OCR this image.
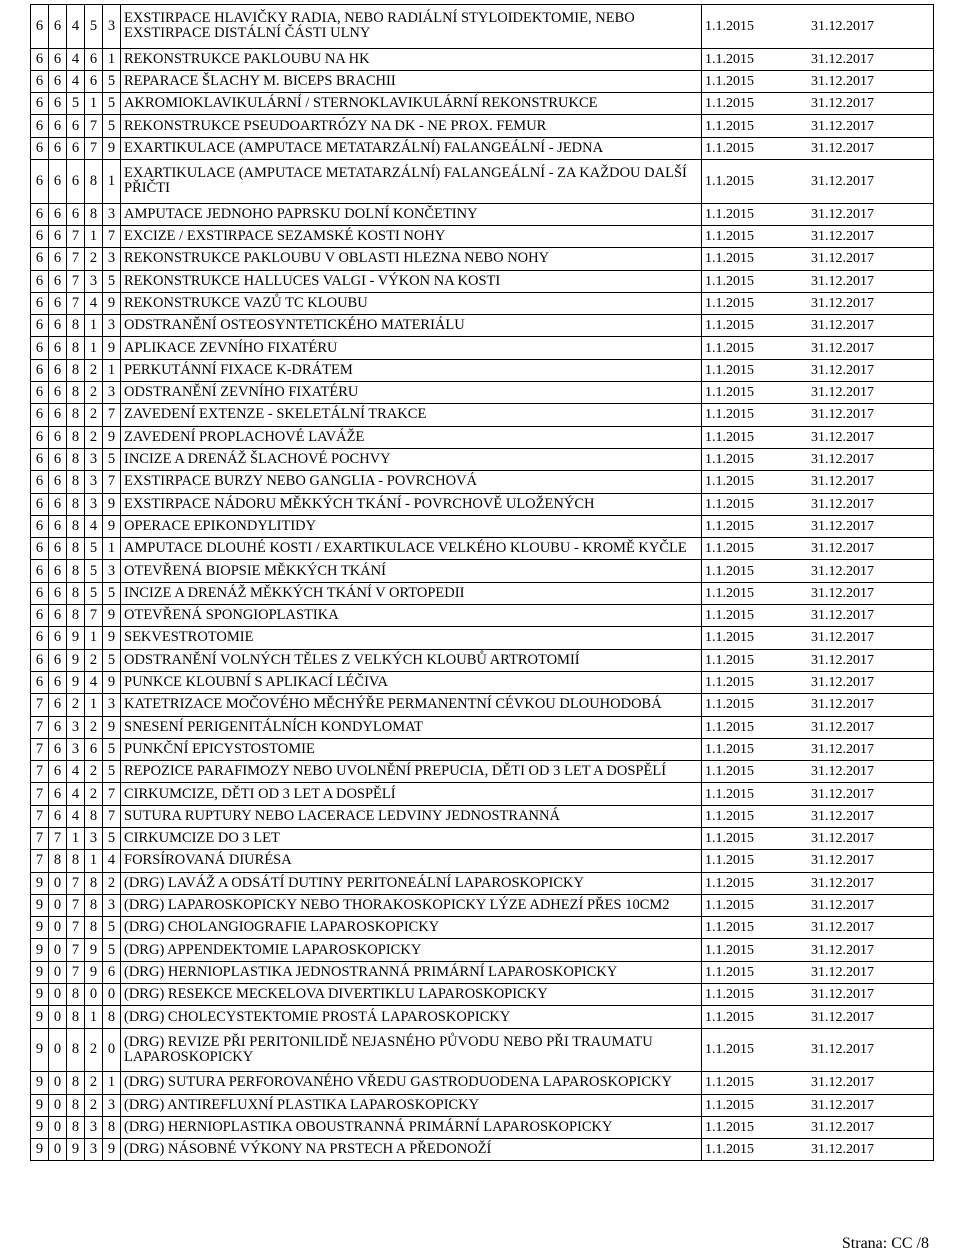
6	6	4	5	3	EXSTIRPACE HLAVIČKY RADIA, NEBO RADIÁLNÍ STYLOIDEKTOMIE, NEBO EXSTIRPACE DISTÁLNÍ ČÁSTI ULNY	1.1.2015	31.12.2017
6	6	4	6	1	REKONSTRUKCE PAKLOUBU NA HK	1.1.2015	31.12.2017
6	6	4	6	5	REPARACE ŠLACHY M. BICEPS BRACHII	1.1.2015	31.12.2017
6	6	5	1	5	AKROMIOKLAVIKULÁRNÍ / STERNOKLAVIKULÁRNÍ REKONSTRUKCE	1.1.2015	31.12.2017
6	6	6	7	5	REKONSTRUKCE PSEUDOARTRÓZY NA DK - NE PROX. FEMUR	1.1.2015	31.12.2017
6	6	6	7	9	EXARTIKULACE (AMPUTACE METATARZÁLNÍ) FALANGEÁLNÍ - JEDNA	1.1.2015	31.12.2017
6	6	6	8	1	EXARTIKULACE (AMPUTACE METATARZÁLNÍ) FALANGEÁLNÍ - ZA KAŽDOU DALŠÍ PŘIČTI	1.1.2015	31.12.2017
6	6	6	8	3	AMPUTACE JEDNOHO PAPRSKU DOLNÍ KONČETINY	1.1.2015	31.12.2017
6	6	7	1	7	EXCIZE / EXSTIRPACE SEZAMSKÉ KOSTI NOHY	1.1.2015	31.12.2017
6	6	7	2	3	REKONSTRUKCE PAKLOUBU V OBLASTI HLEZNA NEBO NOHY	1.1.2015	31.12.2017
6	6	7	3	5	REKONSTRUKCE HALLUCES VALGI - VÝKON NA KOSTI	1.1.2015	31.12.2017
6	6	7	4	9	REKONSTRUKCE VAZŮ TC KLOUBU	1.1.2015	31.12.2017
6	6	8	1	3	ODSTRANĚNÍ OSTEOSYNTETICKÉHO MATERIÁLU	1.1.2015	31.12.2017
6	6	8	1	9	APLIKACE ZEVNÍHO FIXATÉRU	1.1.2015	31.12.2017
6	6	8	2	1	PERKUTÁNNÍ FIXACE K-DRÁTEM	1.1.2015	31.12.2017
6	6	8	2	3	ODSTRANĚNÍ ZEVNÍHO FIXATÉRU	1.1.2015	31.12.2017
6	6	8	2	7	ZAVEDENÍ EXTENZE - SKELETÁLNÍ TRAKCE	1.1.2015	31.12.2017
6	6	8	2	9	ZAVEDENÍ PROPLACHOVÉ LAVÁŽE	1.1.2015	31.12.2017
6	6	8	3	5	INCIZE A DRENÁŽ ŠLACHOVÉ POCHVY	1.1.2015	31.12.2017
6	6	8	3	7	EXSTIRPACE BURZY NEBO GANGLIA - POVRCHOVÁ	1.1.2015	31.12.2017
6	6	8	3	9	EXSTIRPACE NÁDORU MĚKKÝCH TKÁNÍ - POVRCHOVĚ ULOŽENÝCH	1.1.2015	31.12.2017
6	6	8	4	9	OPERACE EPIKONDYLITIDY	1.1.2015	31.12.2017
6	6	8	5	1	AMPUTACE DLOUHÉ KOSTI / EXARTIKULACE VELKÉHO KLOUBU - KROMĚ KYČLE	1.1.2015	31.12.2017
6	6	8	5	3	OTEVŘENÁ BIOPSIE MĚKKÝCH TKÁNÍ	1.1.2015	31.12.2017
6	6	8	5	5	INCIZE A DRENÁŽ MĚKKÝCH TKÁNÍ V ORTOPEDII	1.1.2015	31.12.2017
6	6	8	7	9	OTEVŘENÁ SPONGIOPLASTIKA	1.1.2015	31.12.2017
6	6	9	1	9	SEKVESTROTOMIE	1.1.2015	31.12.2017
6	6	9	2	5	ODSTRANĚNÍ VOLNÝCH TĚLES Z VELKÝCH KLOUBŮ ARTROTOMIÍ	1.1.2015	31.12.2017
6	6	9	4	9	PUNKCE KLOUBNÍ S APLIKACÍ LÉČIVA	1.1.2015	31.12.2017
7	6	2	1	3	KATETRIZACE MOČOVÉHO MĚCHÝŘE PERMANENTNÍ CÉVKOU DLOUHODOBÁ	1.1.2015	31.12.2017
7	6	3	2	9	SNESENÍ PERIGENITÁLNÍCH KONDYLOMAT	1.1.2015	31.12.2017
7	6	3	6	5	PUNKČNÍ EPICYSTOSTOMIE	1.1.2015	31.12.2017
7	6	4	2	5	REPOZICE PARAFIMOZY NEBO UVOLNĚNÍ PREPUCIA, DĚTI OD 3 LET A DOSPĚLÍ	1.1.2015	31.12.2017
7	6	4	2	7	CIRKUMCIZE, DĚTI OD 3 LET A DOSPĚLÍ	1.1.2015	31.12.2017
7	6	4	8	7	SUTURA RUPTURY NEBO LACERACE LEDVINY JEDNOSTRANNÁ	1.1.2015	31.12.2017
7	7	1	3	5	CIRKUMCIZE DO 3 LET	1.1.2015	31.12.2017
7	8	8	1	4	FORSÍROVANÁ DIURÉSA	1.1.2015	31.12.2017
9	0	7	8	2	(DRG) LAVÁŽ A ODSÁTÍ DUTINY PERITONEÁLNÍ LAPAROSKOPICKY	1.1.2015	31.12.2017
9	0	7	8	3	(DRG) LAPAROSKOPICKY NEBO THORAKOSKOPICKY LÝZE ADHEZÍ PŘES 10CM2	1.1.2015	31.12.2017
9	0	7	8	5	(DRG) CHOLANGIOGRAFIE LAPAROSKOPICKY	1.1.2015	31.12.2017
9	0	7	9	5	(DRG) APPENDEKTOMIE LAPAROSKOPICKY	1.1.2015	31.12.2017
9	0	7	9	6	(DRG) HERNIOPLASTIKA JEDNOSTRANNÁ PRIMÁRNÍ LAPAROSKOPICKY	1.1.2015	31.12.2017
9	0	8	0	0	(DRG) RESEKCE MECKELOVA DIVERTIKLU LAPAROSKOPICKY	1.1.2015	31.12.2017
9	0	8	1	8	(DRG) CHOLECYSTEKTOMIE PROSTÁ LAPAROSKOPICKY	1.1.2015	31.12.2017
9	0	8	2	0	(DRG) REVIZE PŘI PERITONILIDĚ NEJASNÉHO PŮVODU NEBO PŘI TRAUMATU LAPAROSKOPICKY	1.1.2015	31.12.2017
9	0	8	2	1	(DRG) SUTURA PERFOROVANÉHO VŘEDU GASTRODUODENA LAPAROSKOPICKY	1.1.2015	31.12.2017
9	0	8	2	3	(DRG) ANTIREFLUXNÍ PLASTIKA LAPAROSKOPICKY	1.1.2015	31.12.2017
9	0	8	3	8	(DRG) HERNIOPLASTIKA OBOUSTRANNÁ PRIMÁRNÍ LAPAROSKOPICKY	1.1.2015	31.12.2017
9	0	9	3	9	(DRG) NÁSOBNÉ VÝKONY NA PRSTECH A PŘEDONOŽÍ	1.1.2015	31.12.2017
Strana: CC /8
